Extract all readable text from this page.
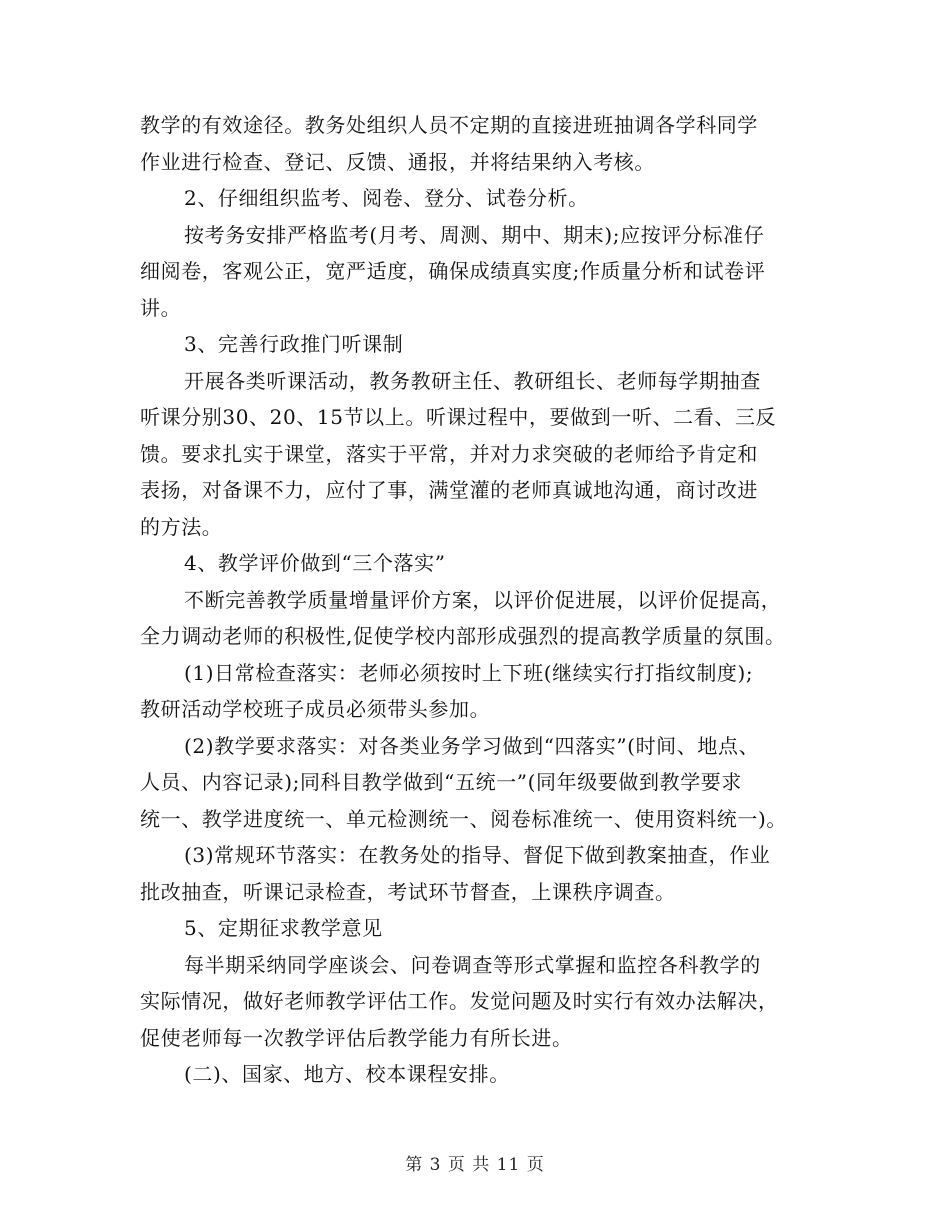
教学的有效途径。教务处组织人员不定期的直接进班抽调各学科同学
作业进行检查、登记、反馈、通报，并将结果纳入考核。
2、仔细组织监考、阅卷、登分、试卷分析。
按考务安排严格监考(月考、周测、期中、期末);应按评分标准仔
细阅卷，客观公正，宽严适度，确保成绩真实度;作质量分析和试卷评
讲。
3、完善行政推门听课制
开展各类听课活动，教务教研主任、教研组长、老师每学期抽查
听课分别30、20、15节以上。听课过程中，要做到一听、二看、三反
馈。要求扎实于课堂，落实于平常，并对力求突破的老师给予肯定和
表扬，对备课不力，应付了事，满堂灌的老师真诚地沟通，商讨改进
的方法。
4、教学评价做到“三个落实”
不断完善教学质量增量评价方案，以评价促进展，以评价促提高，
全力调动老师的积极性,促使学校内部形成强烈的提高教学质量的氛围。
(1)日常检查落实：老师必须按时上下班(继续实行打指纹制度);
教研活动学校班子成员必须带头参加。
(2)教学要求落实：对各类业务学习做到“四落实”(时间、地点、
人员、内容记录);同科目教学做到“五统一”(同年级要做到教学要求
统一、教学进度统一、单元检测统一、阅卷标准统一、使用资料统一)。
(3)常规环节落实：在教务处的指导、督促下做到教案抽查，作业
批改抽查，听课记录检查，考试环节督查，上课秩序调查。
5、定期征求教学意见
每半期采纳同学座谈会、问卷调查等形式掌握和监控各科教学的
实际情况，做好老师教学评估工作。发觉问题及时实行有效办法解决，
促使老师每一次教学评估后教学能力有所长进。
(二)、国家、地方、校本课程安排。
第 3 页 共 11 页
